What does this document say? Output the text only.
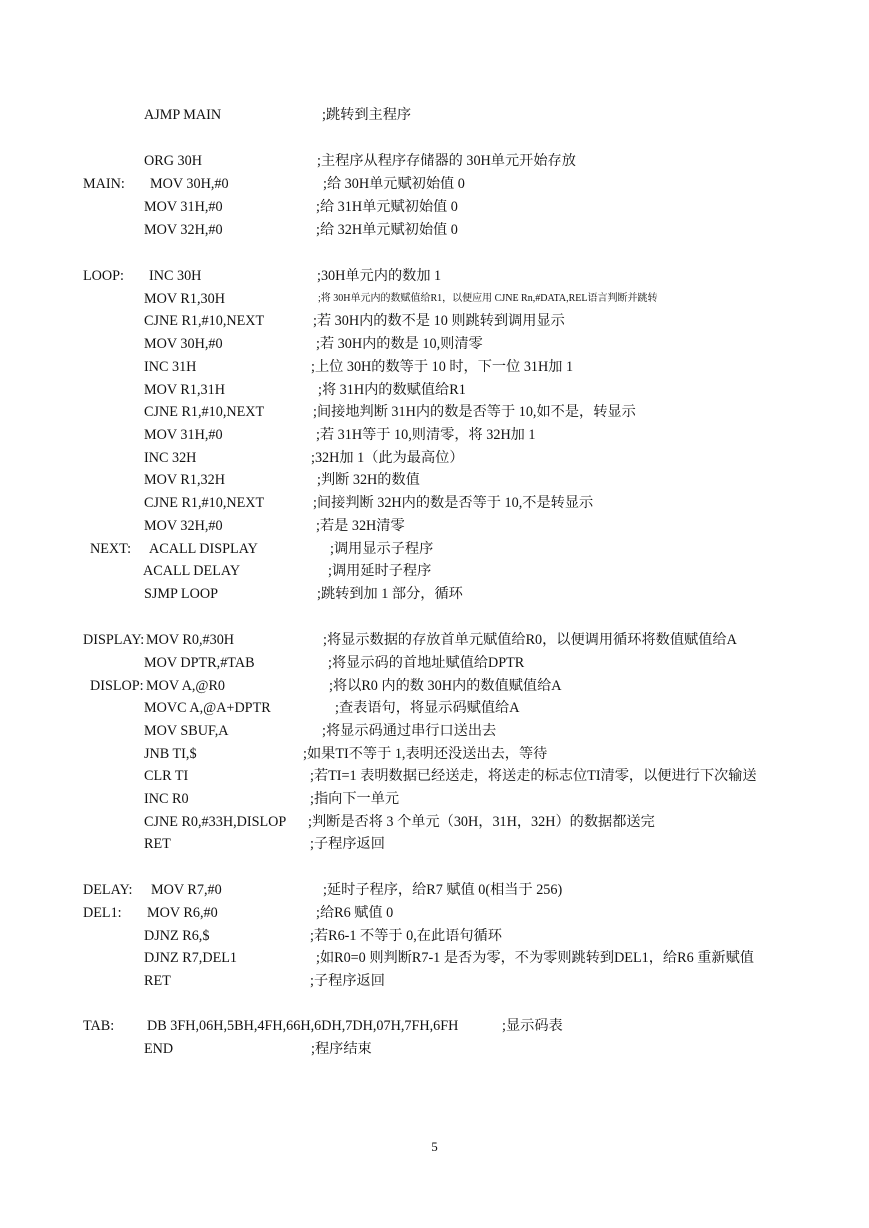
AJMP MAIN	;跳转到主程序
ORG 30H	;主程序从程序存储器的 30H单元开始存放
MAIN: MOV 30H,#0	;给 30H单元赋初始值 0
MOV 31H,#0	;给 31H单元赋初始值 0
MOV 32H,#0	;给 32H单元赋初始值 0
LOOP: INC 30H	;30H单元内的数加 1
MOV R1,30H	;将 30H单元内的数赋值给R1，以便应用 CJNE Rn,#DATA,REL语言判断并跳转
CJNE R1,#10,NEXT	;若 30H内的数不是 10 则跳转到调用显示
MOV 30H,#0	;若 30H内的数是 10,则清零
INC 31H	;上位 30H的数等于 10 时，下一位 31H加 1
MOV R1,31H	;将 31H内的数赋值给R1
CJNE R1,#10,NEXT	;间接地判断 31H内的数是否等于 10,如不是，转显示
MOV 31H,#0	;若 31H等于 10,则清零，将 32H加 1
INC 32H	;32H加 1（此为最高位）
MOV R1,32H	;判断 32H的数值
CJNE R1,#10,NEXT	;间接判断 32H内的数是否等于 10,不是转显示
MOV 32H,#0	;若是 32H清零
NEXT: ACALL DISPLAY	;调用显示子程序
ACALL DELAY	;调用延时子程序
SJMP LOOP	;跳转到加 1 部分，循环
DISPLAY: MOV R0,#30H	;将显示数据的存放首单元赋值给R0，以便调用循环将数值赋值给A
MOV DPTR,#TAB	;将显示码的首地址赋值给DPTR
DISLOP: MOV A,@R0	;将以R0 内的数 30H内的数值赋值给A
MOVC A,@A+DPTR	;查表语句，将显示码赋值给A
MOV SBUF,A	;将显示码通过串行口送出去
JNB TI,$	;如果TI不等于 1,表明还没送出去，等待
CLR TI	;若TI=1 表明数据已经送走，将送走的标志位TI清零，以便进行下次输送
INC R0	;指向下一单元
CJNE R0,#33H,DISLOP ;判断是否将 3 个单元（30H，31H，32H）的数据都送完
RET	;子程序返回
DELAY: MOV R7,#0	;延时子程序，给R7 赋值 0(相当于 256)
DEL1: MOV R6,#0	;给R6 赋值 0
DJNZ R6,$	;若R6-1 不等于 0,在此语句循环
DJNZ R7,DEL1	;如R0=0 则判断R7-1 是否为零，不为零则跳转到DEL1，给R6 重新赋值
RET	;子程序返回
TAB: DB 3FH,06H,5BH,4FH,66H,6DH,7DH,07H,7FH,6FH	;显示码表
END	;程序结束
5
